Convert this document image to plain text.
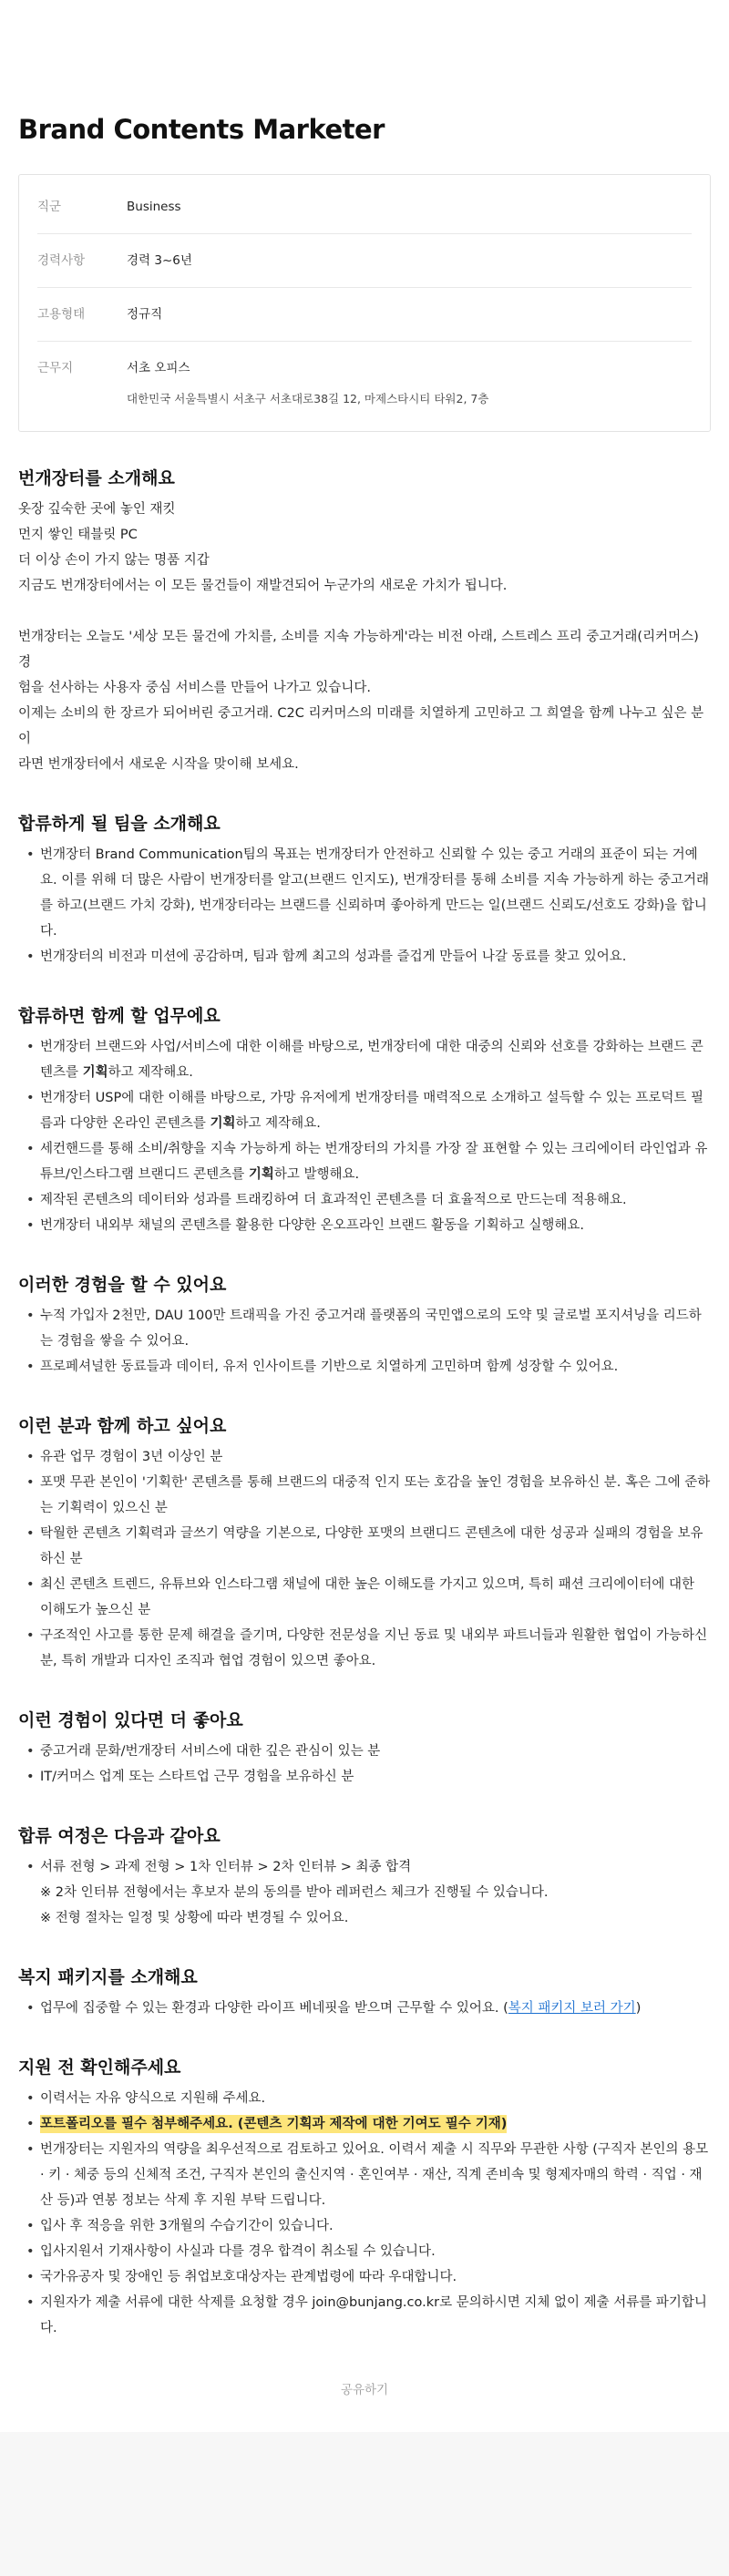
Brand Contents Marketer
직군	Business
경력사항	경력 3~6년
고용형태	정규직
근무지	서초 오피스
대한민국 서울특별시 서초구 서초대로38길 12, 마제스타시티 타워2, 7층
번개장터를 소개해요
옷장 깊숙한 곳에 놓인 재킷
먼지 쌓인 태블릿 PC
더 이상 손이 가지 않는 명품 지갑
지금도 번개장터에서는 이 모든 물건들이 재발견되어 누군가의 새로운 가치가 됩니다.
번개장터는 오늘도 '세상 모든 물건에 가치를, 소비를 지속 가능하게'라는 비전 아래, 스트레스 프리 중고거래(리커머스) 경
험을 선사하는 사용자 중심 서비스를 만들어 나가고 있습니다.
이제는 소비의 한 장르가 되어버린 중고거래. C2C 리커머스의 미래를 치열하게 고민하고 그 희열을 함께 나누고 싶은 분이
라면 번개장터에서 새로운 시작을 맞이해 보세요.
합류하게 될 팀을 소개해요
• 번개장터 Brand Communication팀의 목표는 번개장터가 안전하고 신뢰할 수 있는 중고 거래의 표준이 되는 거예요. 이를 위해 더 많은 사람이 번개장터를 알고(브랜드 인지도), 번개장터를 통해 소비를 지속 가능하게 하는 중고거래를 하고(브랜드 가치 강화), 번개장터라는 브랜드를 신뢰하며 좋아하게 만드는 일(브랜드 신뢰도/선호도 강화)을 합니다.
• 번개장터의 비전과 미션에 공감하며, 팀과 함께 최고의 성과를 즐겁게 만들어 나갈 동료를 찾고 있어요.
합류하면 함께 할 업무에요
• 번개장터 브랜드와 사업/서비스에 대한 이해를 바탕으로, 번개장터에 대한 대중의 신뢰와 선호를 강화하는 브랜드 콘텐츠를 기획하고 제작해요.
• 번개장터 USP에 대한 이해를 바탕으로, 가망 유저에게 번개장터를 매력적으로 소개하고 설득할 수 있는 프로덕트 필름과 다양한 온라인 콘텐츠를 기획하고 제작해요.
• 세컨핸드를 통해 소비/취향을 지속 가능하게 하는 번개장터의 가치를 가장 잘 표현할 수 있는 크리에이터 라인업과 유튜브/인스타그램 브랜디드 콘텐츠를 기획하고 발행해요.
• 제작된 콘텐츠의 데이터와 성과를 트래킹하여 더 효과적인 콘텐츠를 더 효율적으로 만드는데 적용해요.
• 번개장터 내외부 채널의 콘텐츠를 활용한 다양한 온오프라인 브랜드 활동을 기획하고 실행해요.
이러한 경험을 할 수 있어요
• 누적 가입자 2천만, DAU 100만 트래픽을 가진 중고거래 플랫폼의 국민앱으로의 도약 및 글로벌 포지셔닝을 리드하는 경험을 쌓을 수 있어요.
• 프로페셔널한 동료들과 데이터, 유저 인사이트를 기반으로 치열하게 고민하며 함께 성장할 수 있어요.
이런 분과 함께 하고 싶어요
• 유관 업무 경험이 3년 이상인 분
• 포맷 무관 본인이 '기획한' 콘텐츠를 통해 브랜드의 대중적 인지 또는 호감을 높인 경험을 보유하신 분. 혹은 그에 준하는 기획력이 있으신 분
• 탁월한 콘텐츠 기획력과 글쓰기 역량을 기본으로, 다양한 포맷의 브랜디드 콘텐츠에 대한 성공과 실패의 경험을 보유하신 분
• 최신 콘텐츠 트렌드, 유튜브와 인스타그램 채널에 대한 높은 이해도를 가지고 있으며, 특히 패션 크리에이터에 대한 이해도가 높으신 분
• 구조적인 사고를 통한 문제 해결을 즐기며, 다양한 전문성을 지닌 동료 및 내외부 파트너들과 원활한 협업이 가능하신 분, 특히 개발과 디자인 조직과 협업 경험이 있으면 좋아요.
이런 경험이 있다면 더 좋아요
• 중고거래 문화/번개장터 서비스에 대한 깊은 관심이 있는 분
• IT/커머스 업계 또는 스타트업 근무 경험을 보유하신 분
합류 여정은 다음과 같아요
• 서류 전형 > 과제 전형 > 1차 인터뷰 > 2차 인터뷰 > 최종 합격
※ 2차 인터뷰 전형에서는 후보자 분의 동의를 받아 레퍼런스 체크가 진행될 수 있습니다.
※ 전형 절차는 일정 및 상황에 따라 변경될 수 있어요.
복지 패키지를 소개해요
• 업무에 집중할 수 있는 환경과 다양한 라이프 베네핏을 받으며 근무할 수 있어요. (복지 패키지 보러 가기)
지원 전 확인해주세요
• 이력서는 자유 양식으로 지원해 주세요.
• 포트폴리오를 필수 첨부해주세요. (콘텐츠 기획과 제작에 대한 기여도 필수 기재)
• 번개장터는 지원자의 역량을 최우선적으로 검토하고 있어요. 이력서 제출 시 직무와 무관한 사항 (구직자 본인의 용모 · 키 · 체중 등의 신체적 조건, 구직자 본인의 출신지역 · 혼인여부 · 재산, 직계 존비속 및 형제자매의 학력 · 직업 · 재산 등)과 연봉 정보는 삭제 후 지원 부탁 드립니다.
• 입사 후 적응을 위한 3개월의 수습기간이 있습니다.
• 입사지원서 기재사항이 사실과 다를 경우 합격이 취소될 수 있습니다.
• 국가유공자 및 장애인 등 취업보호대상자는 관계법령에 따라 우대합니다.
• 지원자가 제출 서류에 대한 삭제를 요청할 경우 join@bunjang.co.kr로 문의하시면 지체 없이 제출 서류를 파기합니다.
공유하기
